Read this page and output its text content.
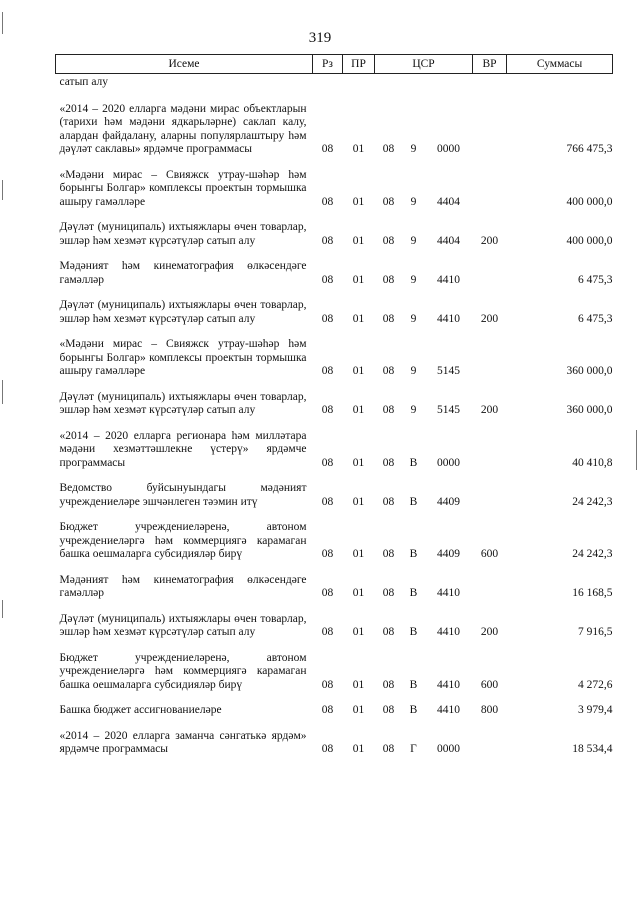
319
Исеме	Рз	ПР	ЦСР			ВР	Суммасы
сатып алу							
«2014 – 2020 елларга мәдәни мирас объектларын (тарихи һәм мәдәни ядкарьләрне) саклап калу, алардан файдалану, аларны популярлаштыру һәм дәүләт саклавы» ярдәмче программасы	08	01	08	9	0000		766 475,3
«Мәдәни мирас – Свияжск утрау-шәһәр һәм борынгы Болгар» комплексы проектын тормышка ашыру гамәлләре	08	01	08	9	4404		400 000,0
Дәүләт (муниципаль) ихтыяжлары өчен товарлар, эшләр һәм хезмәт күрсәтүләр сатып алу	08	01	08	9	4404	200	400 000,0
Мәдәният һәм кинематография өлкәсендәге гамәлләр	08	01	08	9	4410		6 475,3
Дәүләт (муниципаль) ихтыяжлары өчен товарлар, эшләр һәм хезмәт күрсәтүләр сатып алу	08	01	08	9	4410	200	6 475,3
«Мәдәни мирас – Свияжск утрау-шәһәр һәм борынгы Болгар» комплексы проектын тормышка ашыру гамәлләре	08	01	08	9	5145		360 000,0
Дәүләт (муниципаль) ихтыяжлары өчен товарлар, эшләр һәм хезмәт күрсәтүләр сатып алу	08	01	08	9	5145	200	360 000,0
«2014 – 2020 елларга регионара һәм милләтара мәдәни хезмәттәшлекне үстерү» ярдәмче программасы	08	01	08	В	0000		40 410,8
Ведомство буйсынуындагы мәдәният учреждениеләре эшчәнлеген тәэмин итү	08	01	08	В	4409		24 242,3
Бюджет учреждениеләренә, автоном учреждениеләргә һәм коммерциягә карамаган башка оешмаларга субсидияләр бирү	08	01	08	В	4409	600	24 242,3
Мәдәният һәм кинематография өлкәсендәге гамәлләр	08	01	08	В	4410		16 168,5
Дәүләт (муниципаль) ихтыяжлары өчен товарлар, эшләр һәм хезмәт күрсәтүләр сатып алу	08	01	08	В	4410	200	7 916,5
Бюджет учреждениеләренә, автоном учреждениеләргә һәм коммерциягә карамаган башка оешмаларга субсидияләр бирү	08	01	08	В	4410	600	4 272,6
Башка бюджет ассигнованиеләре	08	01	08	В	4410	800	3 979,4
«2014 – 2020 елларга заманча сәнгатькә ярдәм» ярдәмче программасы	08	01	08	Г	0000		18 534,4
